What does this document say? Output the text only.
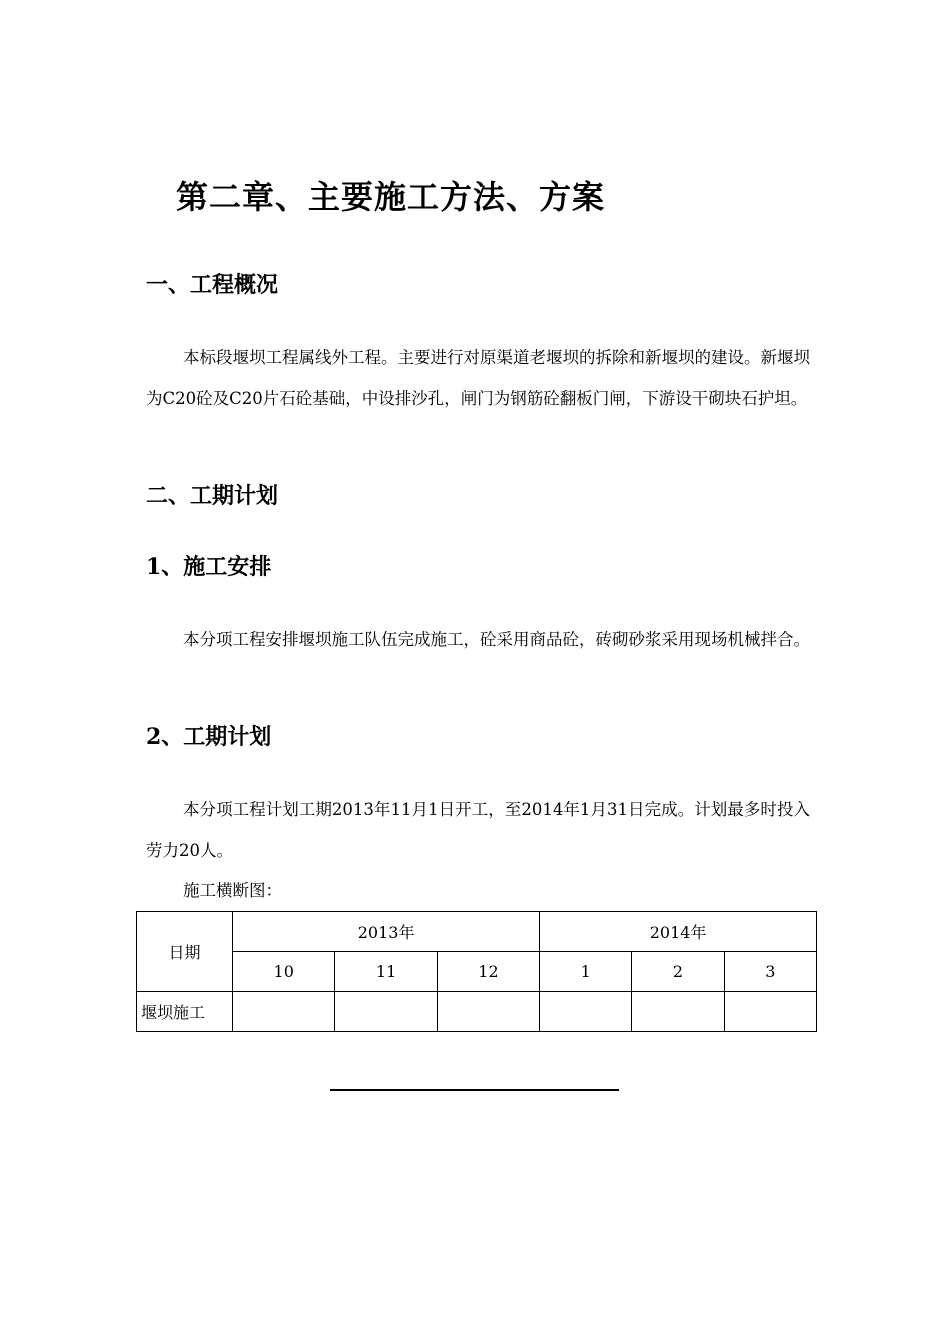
第二章、主要施工方法、方案
一、工程概况

本标段堰坝工程属线外工程。主要进行对原渠道老堰坝的拆除和新堰坝的建设。新堰坝为C20砼及C20片石砼基础，中设排沙孔，闸门为钢筋砼翻板门闸，下游设干砌块石护坦。

二、工期计划
1、施工安排

本分项工程安排堰坝施工队伍完成施工，砼采用商品砼，砖砌砂浆采用现场机械拌合。

2、工期计划

本分项工程计划工期2013年11月1日开工，至2014年1月31日完成。计划最多时投入劳力20人。

施工横断图：

日期	2013年			2014年		
	10	11	12	1	2	3
堰坝施工						
